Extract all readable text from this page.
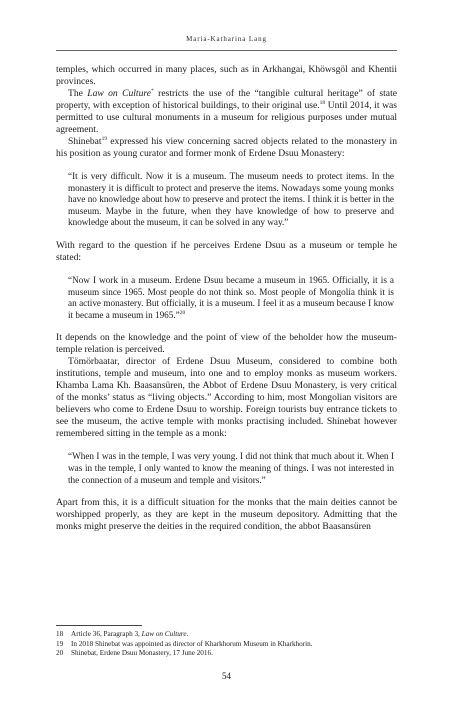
Maria-Katharina Lang

temples, which occurred in many places, such as in Arkhangai, Khöwsgöl and Khentii provinces.

The Law on Culture* restricts the use of the “tangible cultural heritage” of state property, with exception of historical buildings, to their original use.$^{18}$ Until 2014, it was permitted to use cultural monuments in a museum for religious purposes under mutual agreement.

Shinebat$^{19}$ expressed his view concerning sacred objects related to the monastery in his position as young curator and former monk of Erdene Dsuu Monastery:

“It is very difficult. Now it is a museum. The museum needs to protect items. In the monastery it is difficult to protect and preserve the items. Nowadays some young monks have no knowledge about how to preserve and protect the items. I think it is better in the museum. Maybe in the future, when they have knowledge of how to preserve and knowledge about the museum, it can be solved in any way.”

With regard to the question if he perceives Erdene Dsuu as a museum or temple he stated:

“Now I work in a museum. Erdene Dsuu became a museum in 1965. Officially, it is a museum since 1965. Most people do not think so. Most people of Mongolia think it is an active monastery. But officially, it is a museum. I feel it as a museum because I know it became a museum in 1965.”$^{20}$

It depends on the knowledge and the point of view of the beholder how the museum-temple relation is perceived.

Tömörbaatar, director of Erdene Dsuu Museum, considered to combine both institutions, temple and museum, into one and to employ monks as museum workers. Khamba Lama Kh. Baasansüren, the Abbot of Erdene Dsuu Monastery, is very critical of the monks’ status as “living objects.” According to him, most Mongolian visitors are believers who come to Erdene Dsuu to worship. Foreign tourists buy entrance tickets to see the museum, the active temple with monks practising included. Shinebat however remembered sitting in the temple as a monk:

“When I was in the temple, I was very young. I did not think that much about it. When I was in the temple, I only wanted to know the meaning of things. I was not interested in the connection of a museum and temple and visitors.”

Apart from this, it is a difficult situation for the monks that the main deities cannot be worshipped properly, as they are kept in the museum depository. Admitting that the monks might preserve the deities in the required condition, the abbot Baasansüren

18	Article 36, Paragraph 3, Law on Culture.
19	In 2018 Shinebat was appointed as director of Kharkhorum Museum in Kharkhorin.
20	Shinebat, Erdene Dsuu Monastery, 17 June 2016.
54
